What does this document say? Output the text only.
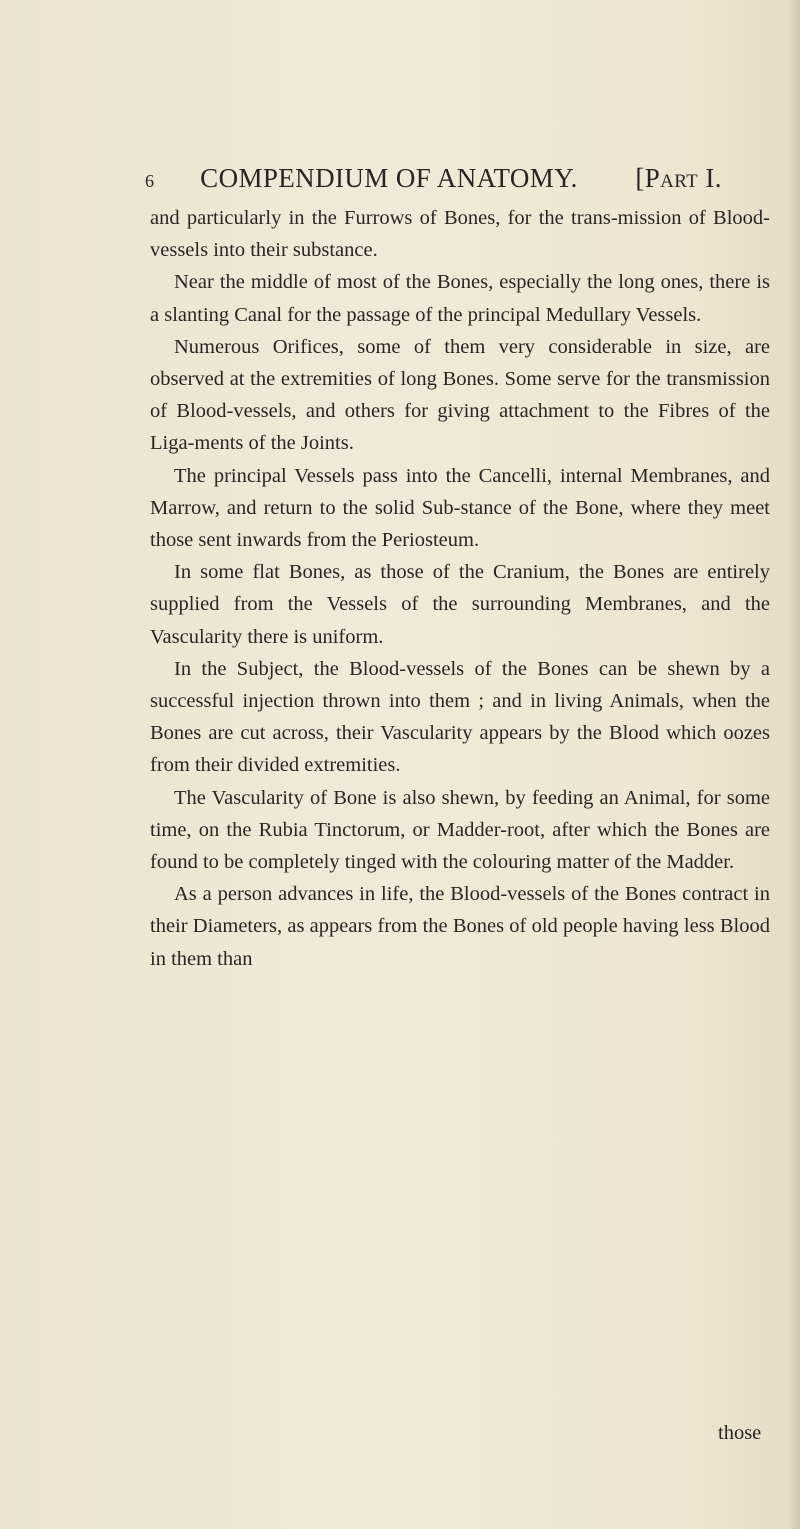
6 COMPENDIUM OF ANATOMY. [Part I.

and particularly in the Furrows of Bones, for the trans-mission of Blood-vessels into their substance.

Near the middle of most of the Bones, especially the long ones, there is a slanting Canal for the passage of the principal Medullary Vessels.

Numerous Orifices, some of them very considerable in size, are observed at the extremities of long Bones. Some serve for the transmission of Blood-vessels, and others for giving attachment to the Fibres of the Liga-ments of the Joints.

The principal Vessels pass into the Cancelli, internal Membranes, and Marrow, and return to the solid Sub-stance of the Bone, where they meet those sent inwards from the Periosteum.

In some flat Bones, as those of the Cranium, the Bones are entirely supplied from the Vessels of the surrounding Membranes, and the Vascularity there is uniform.

In the Subject, the Blood-vessels of the Bones can be shewn by a successful injection thrown into them ; and in living Animals, when the Bones are cut across, their Vascularity appears by the Blood which oozes from their divided extremities.

The Vascularity of Bone is also shewn, by feeding an Animal, for some time, on the Rubia Tinctorum, or Madder-root, after which the Bones are found to be completely tinged with the colouring matter of the Madder.

As a person advances in life, the Blood-vessels of the Bones contract in their Diameters, as appears from the Bones of old people having less Blood in them than

those
